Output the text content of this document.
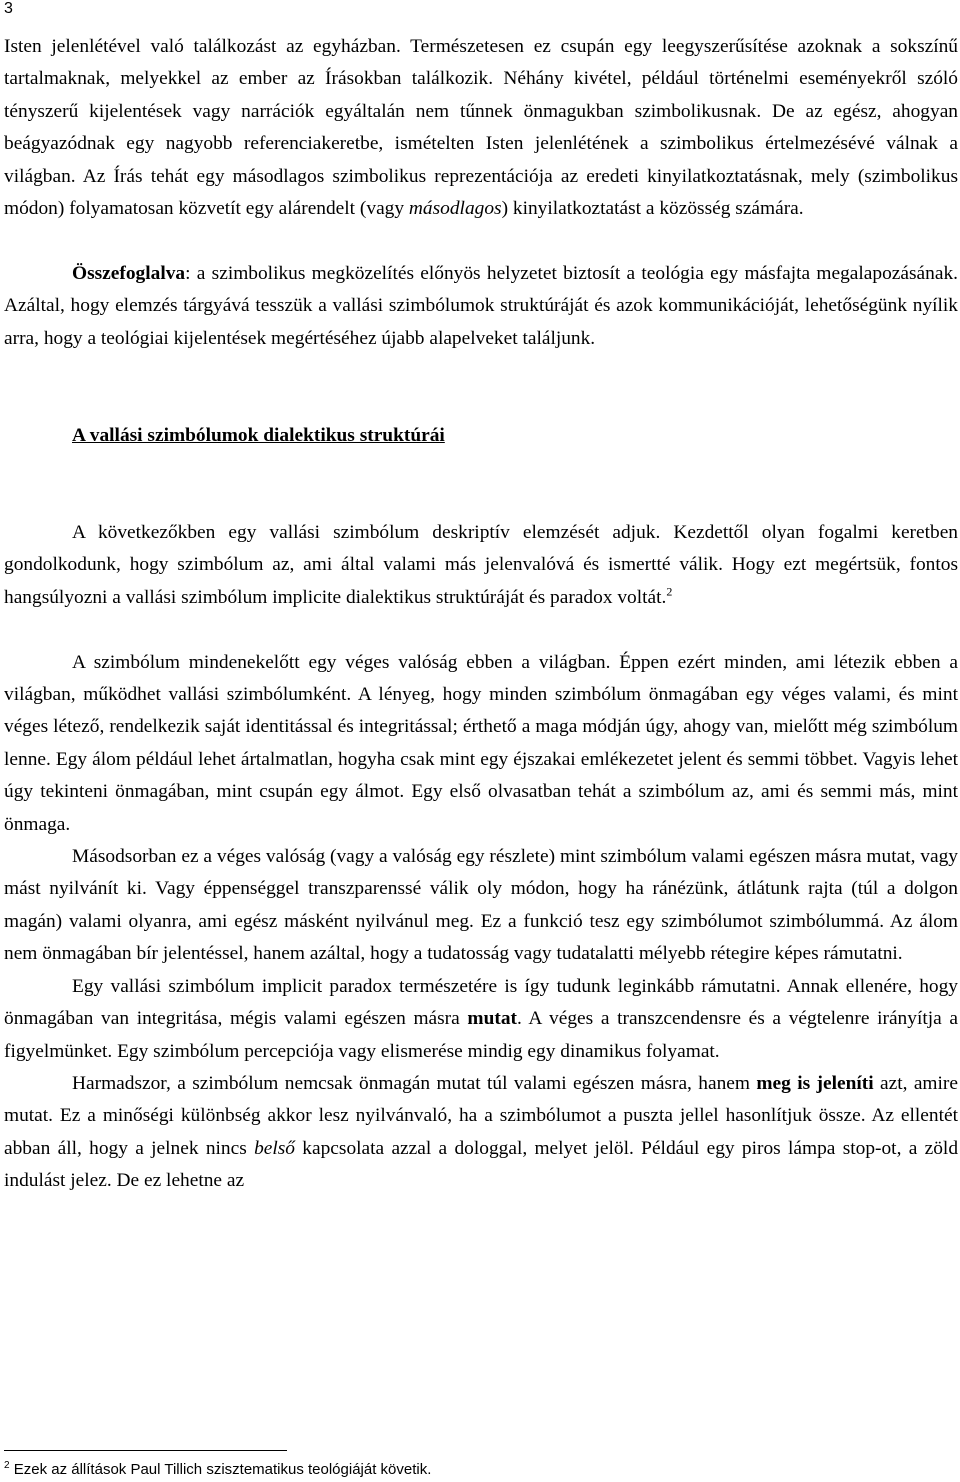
3

Isten jelenlétével való találkozást az egyházban. Természetesen ez csupán egy leegyszerűsítése azoknak a sokszínű tartalmaknak, melyekkel az ember az Írásokban találkozik. Néhány kivétel, például történelmi eseményekről szóló tényszerű kijelentések vagy narrációk egyáltalán nem tűnnek önmagukban szimbolikusnak. De az egész, ahogyan beágyazódnak egy nagyobb referenciakeretbe, ismételten Isten jelenlétének a szimbolikus értelmezésévé válnak a világban. Az Írás tehát egy másodlagos szimbolikus reprezentációja az eredeti kinyilatkoztatásnak, mely (szimbolikus módon) folyamatosan közvetít egy alárendelt (vagy másodlagos) kinyilatkoztatást a közösség számára.

Összefoglalva: a szimbolikus megközelítés előnyös helyzetet biztosít a teológia egy másfajta megalapozásának. Azáltal, hogy elemzés tárgyává tesszük a vallási szimbólumok struktúráját és azok kommunikációját, lehetőségünk nyílik arra, hogy a teológiai kijelentések megértéséhez újabb alapelveket találjunk.

A vallási szimbólumok dialektikus struktúrái

A következőkben egy vallási szimbólum deskriptív elemzését adjuk. Kezdettől olyan fogalmi keretben gondolkodunk, hogy szimbólum az, ami által valami más jelenvalóvá és ismertté válik. Hogy ezt megértsük, fontos hangsúlyozni a vallási szimbólum implicite dialektikus struktúráját és paradox voltát.$^2$

A szimbólum mindenekelőtt egy véges valóság ebben a világban. Éppen ezért minden, ami létezik ebben a világban, működhet vallási szimbólumként. A lényeg, hogy minden szimbólum önmagában egy véges valami, és mint véges létező, rendelkezik saját identitással és integritással; érthető a maga módján úgy, ahogy van, mielőtt még szimbólum lenne. Egy álom például lehet ártalmatlan, hogyha csak mint egy éjszakai emlékezetet jelent és semmi többet. Vagyis lehet úgy tekinteni önmagában, mint csupán egy álmot. Egy első olvasatban tehát a szimbólum az, ami és semmi más, mint önmaga.

Másodsorban ez a véges valóság (vagy a valóság egy részlete) mint szimbólum valami egészen másra mutat, vagy mást nyilvánít ki. Vagy éppenséggel transzparenssé válik oly módon, hogy ha ránézünk, átlátunk rajta (túl a dolgon magán) valami olyanra, ami egész másként nyilvánul meg. Ez a funkció tesz egy szimbólumot szimbólummá. Az álom nem önmagában bír jelentéssel, hanem azáltal, hogy a tudatosság vagy tudatalatti mélyebb rétegire képes rámutatni.

Egy vallási szimbólum implicit paradox természetére is így tudunk leginkább rámutatni. Annak ellenére, hogy önmagában van integritása, mégis valami egészen másra mutat. A véges a transzcendensre és a végtelenre irányítja a figyelmünket. Egy szimbólum percepciója vagy elismerése mindig egy dinamikus folyamat.

Harmadszor, a szimbólum nemcsak önmagán mutat túl valami egészen másra, hanem meg is jeleníti azt, amire mutat. Ez a minőségi különbség akkor lesz nyilvánvaló, ha a szimbólumot a puszta jellel hasonlítjuk össze. Az ellentét abban áll, hogy a jelnek nincs belső kapcsolata azzal a dologgal, melyet jelöl. Például egy piros lámpa stop-ot, a zöld indulást jelez. De ez lehetne az

$^2$ Ezek az állítások Paul Tillich szisztematikus teológiáját követik.
